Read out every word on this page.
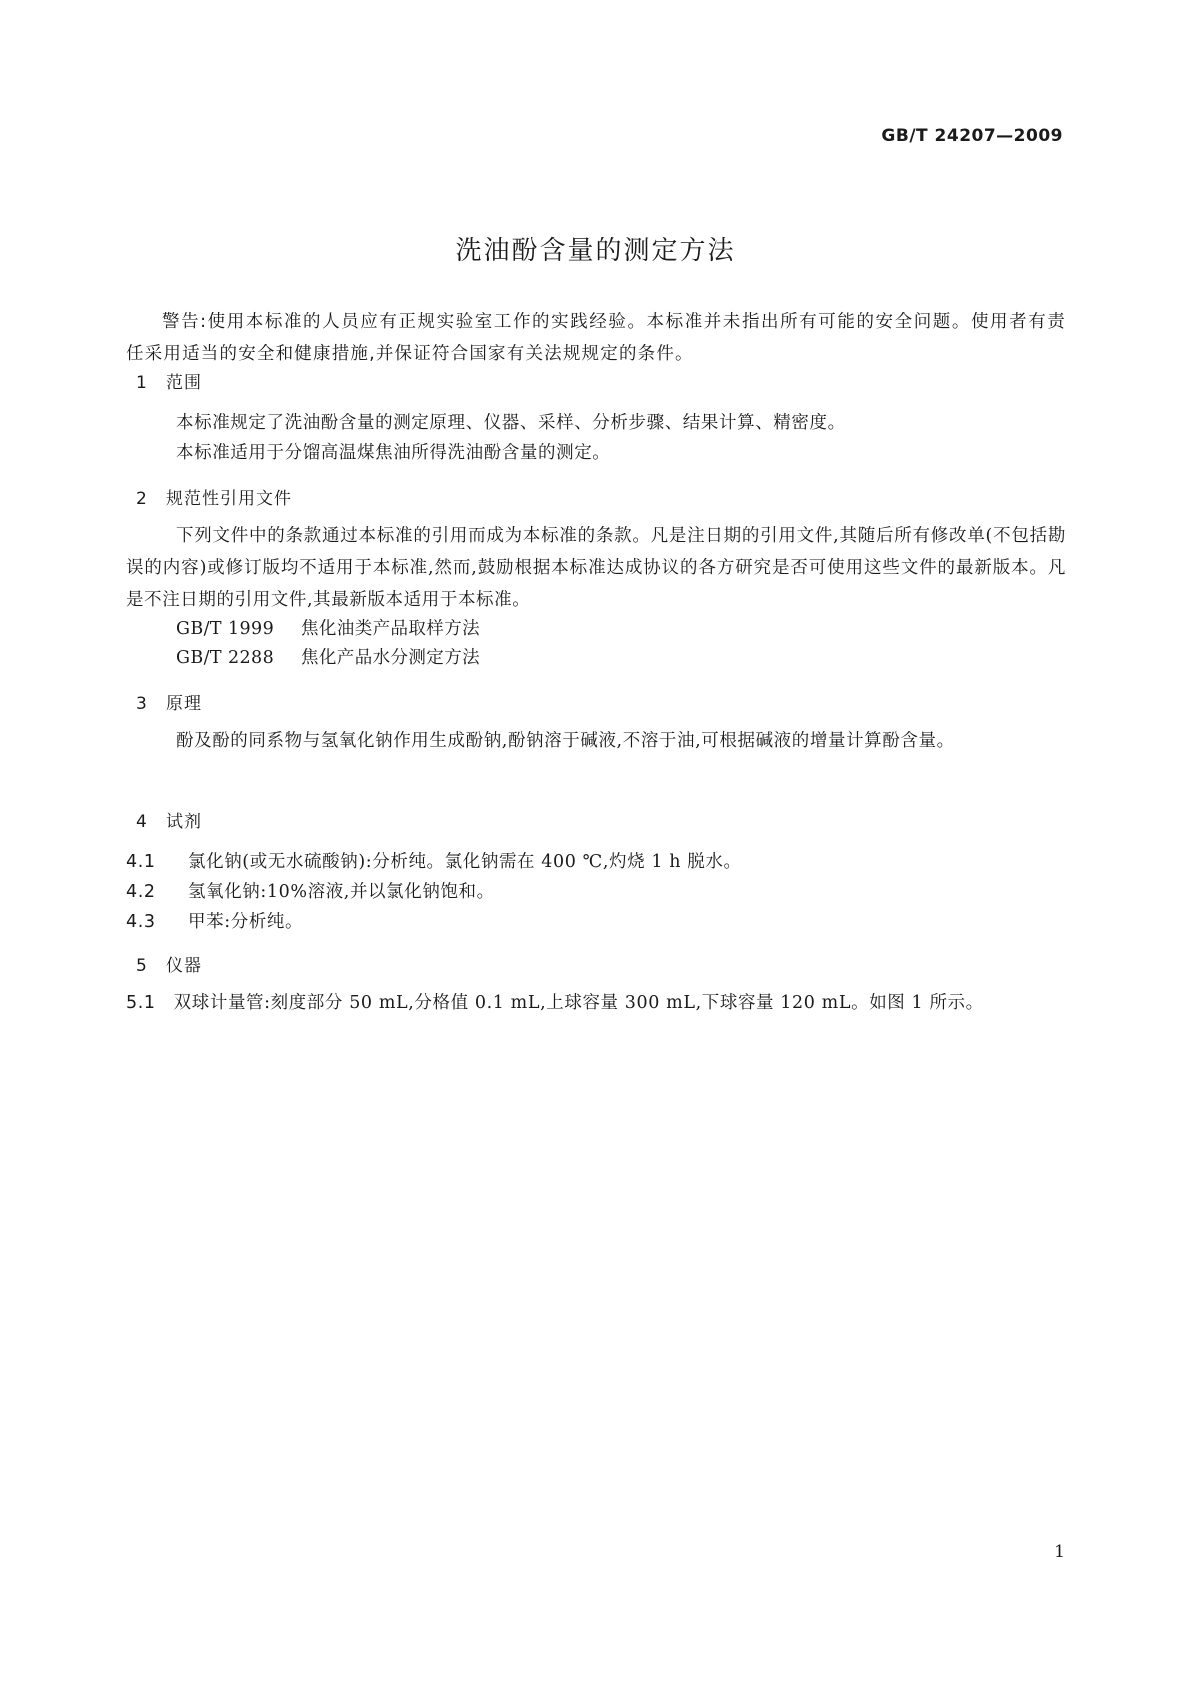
GB/T 24207—2009
洗油酚含量的测定方法
警告:使用本标准的人员应有正规实验室工作的实践经验。本标准并未指出所有可能的安全问题。使用者有责任采用适当的安全和健康措施,并保证符合国家有关法规规定的条件。
1 范围
本标准规定了洗油酚含量的测定原理、仪器、采样、分析步骤、结果计算、精密度。
本标准适用于分馏高温煤焦油所得洗油酚含量的测定。
2 规范性引用文件
下列文件中的条款通过本标准的引用而成为本标准的条款。凡是注日期的引用文件,其随后所有修改单(不包括勘误的内容)或修订版均不适用于本标准,然而,鼓励根据本标准达成协议的各方研究是否可使用这些文件的最新版本。凡是不注日期的引用文件,其最新版本适用于本标准。
GB/T 1999 焦化油类产品取样方法
GB/T 2288 焦化产品水分测定方法
3 原理
酚及酚的同系物与氢氧化钠作用生成酚钠,酚钠溶于碱液,不溶于油,可根据碱液的增量计算酚含量。
4 试剂
4.1 氯化钠(或无水硫酸钠):分析纯。氯化钠需在 400 ℃,灼烧 1 h 脱水。
4.2 氢氧化钠:10%溶液,并以氯化钠饱和。
4.3 甲苯:分析纯。
5 仪器
5.1 双球计量管:刻度部分 50 mL,分格值 0.1 mL,上球容量 300 mL,下球容量 120 mL。如图 1 所示。
1
